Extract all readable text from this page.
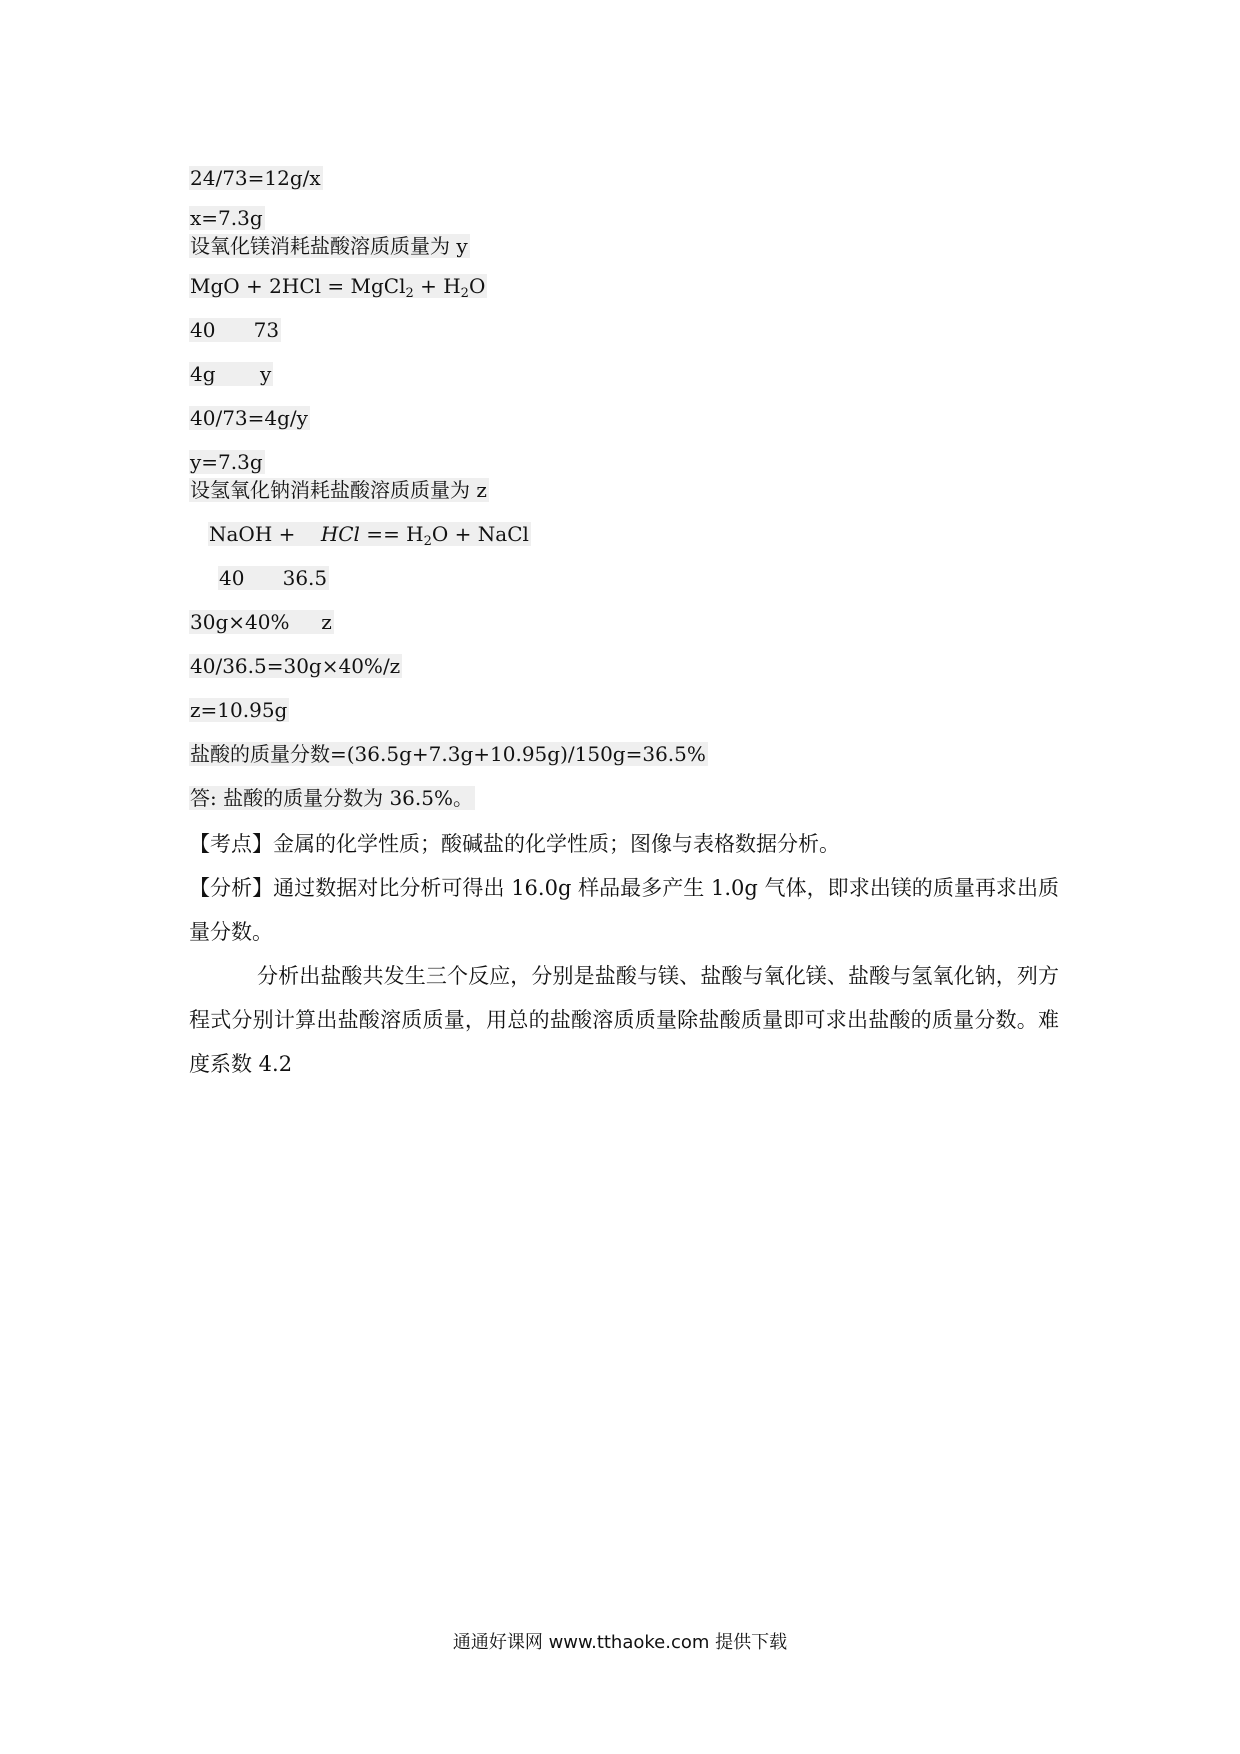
24/73=12g/x
x=7.3g
设氧化镁消耗盐酸溶质质量为 y
MgO + 2HCl = MgCl$_2$ + $H_2O$
40      73
4g       y
40/73=4g/y
y=7.3g
设氢氧化钠消耗盐酸溶质质量为 z
NaOH +    HCl == $H_2O$ + NaCl
40      36.5
30g×40%     z
40/36.5=30g×40%/z
z=10.95g
盐酸的质量分数=(36.5g+7.3g+10.95g)/150g=36.5%
答: 盐酸的质量分数为 36.5%。
【考点】金属的化学性质；酸碱盐的化学性质；图像与表格数据分析。
【分析】通过数据对比分析可得出 16.0g 样品最多产生 1.0g 气体，即求出镁的质量再求出质量分数。
分析出盐酸共发生三个反应，分别是盐酸与镁、盐酸与氧化镁、盐酸与氢氧化钠，列方程式分别计算出盐酸溶质质量，用总的盐酸溶质质量除盐酸质量即可求出盐酸的质量分数。难度系数 4.2
通通好课网 www.tthaoke.com 提供下载
